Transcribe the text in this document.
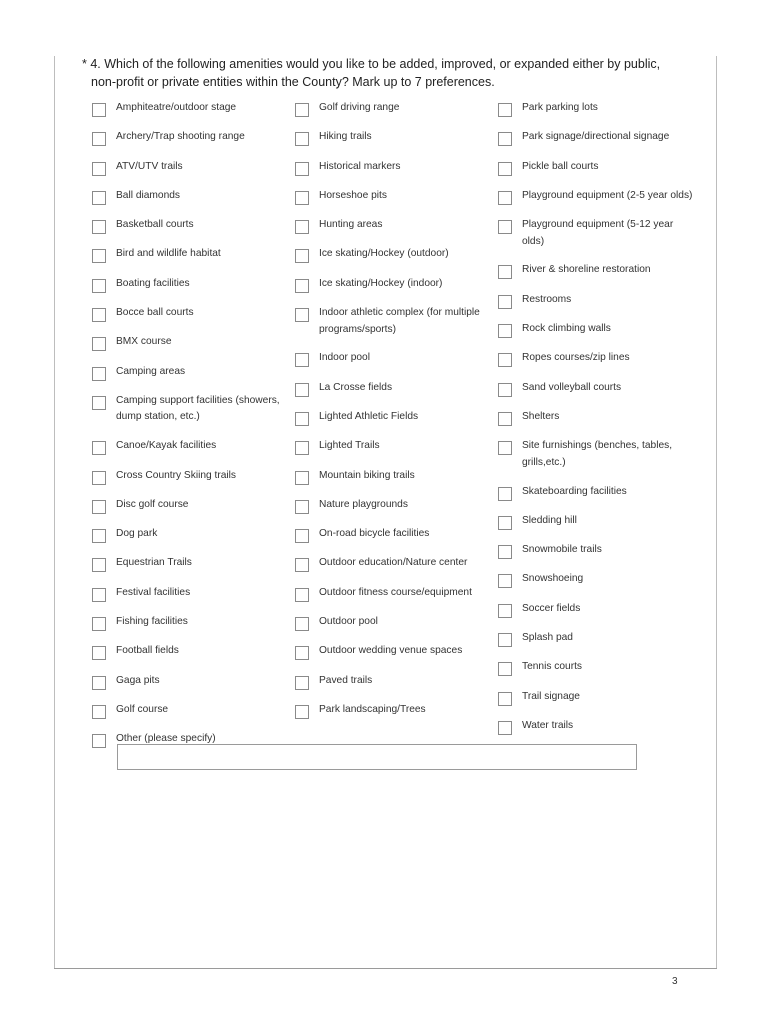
* 4. Which of the following amenities would you like to be added, improved, or expanded either by public,
non-profit or private entities within the County? Mark up to 7 preferences.
Amphiteatre/outdoor stage
Archery/Trap shooting range
ATV/UTV trails
Ball diamonds
Basketball courts
Bird and wildlife habitat
Boating facilities
Bocce ball courts
BMX course
Camping areas
Camping support facilities (showers, dump station, etc.)
Canoe/Kayak facilities
Cross Country Skiing trails
Disc golf course
Dog park
Equestrian Trails
Festival facilities
Fishing facilities
Football fields
Gaga pits
Golf course
Other (please specify)
Golf driving range
Hiking trails
Historical markers
Horseshoe pits
Hunting areas
Ice skating/Hockey (outdoor)
Ice skating/Hockey (indoor)
Indoor athletic complex (for multiple programs/sports)
Indoor pool
La Crosse fields
Lighted Athletic Fields
Lighted Trails
Mountain biking trails
Nature playgrounds
On-road bicycle facilities
Outdoor education/Nature center
Outdoor fitness course/equipment
Outdoor pool
Outdoor wedding venue spaces
Paved trails
Park landscaping/Trees
Park parking lots
Park signage/directional signage
Pickle ball courts
Playground equipment (2-5 year olds)
Playground equipment (5-12 year olds)
River & shoreline restoration
Restrooms
Rock climbing walls
Ropes courses/zip lines
Sand volleyball courts
Shelters
Site furnishings (benches, tables, grills,etc.)
Skateboarding facilities
Sledding hill
Snowmobile trails
Snowshoeing
Soccer fields
Splash pad
Tennis courts
Trail signage
Water trails
3
